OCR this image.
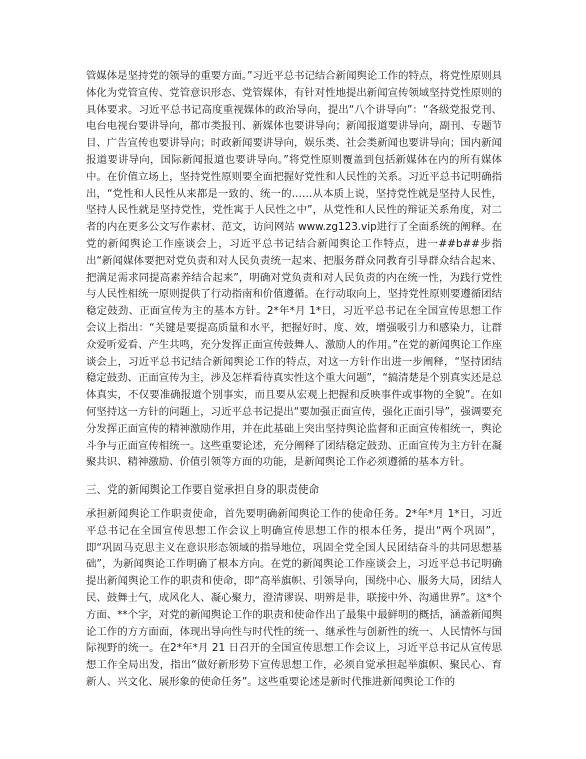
管媒体是坚持党的领导的重要方面。”习近平总书记结合新闻舆论工作的特点，将党性原则具体化为党管宣传、党管意识形态、党管媒体，有针对性地提出新闻宣传领域坚持党性原则的具体要求。习近平总书记高度重视媒体的政治导向，提出“八个讲导向”：“各级党报党刊、电台电视台要讲导向，都市类报刊、新媒体也要讲导向；新闻报道要讲导向，副刊、专题节目、广告宣传也要讲导向；时政新闻要讲导向，娱乐类、社会类新闻也要讲导向；国内新闻报道要讲导向，国际新闻报道也要讲导向。”将党性原则覆盖到包括新媒体在内的所有媒体中。在价值立场上，坚持党性原则要全面把握好党性和人民性的关系。习近平总书记明确指出，“党性和人民性从来都是一致的、统一的……从本质上说，坚持党性就是坚持人民性，坚持人民性就是坚持党性，党性寓于人民性之中”，从党性和人民性的辩证关系角度，对二者的内在更多公文写作素材、范文，访问网站 www.zg123.vip进行了全面系统的阐释。在党的新闻舆论工作座谈会上，习近平总书记结合新闻舆论工作特点，进一##b##步指出“新闻媒体要把对党负责和对人民负责统一起来、把服务群众同教育引导群众结合起来、把满足需求同提高素养结合起来”，明确对党负责和对人民负责的内在统一性，为践行党性与人民性相统一原则提供了行动指南和价值遵循。在行动取向上，坚持党性原则要遵循团结稳定鼓劲、正面宣传为主的基本方针。2*年*月 1*日，习近平总书记在全国宣传思想工作会议上指出：“关键是要提高质量和水平，把握好时、度、效，增强吸引力和感染力，让群众爱听爱看、产生共鸣，充分发挥正面宣传鼓舞人、激励人的作用。”在党的新闻舆论工作座谈会上，习近平总书记结合新闻舆论工作的特点，对这一方针作出进一步阐释，“坚持团结稳定鼓劲、正面宣传为主，涉及怎样看待真实性这个重大问题”，“搞清楚是个别真实还是总体真实，不仅要准确报道个别事实，而且要从宏观上把握和反映事件或事物的全貌”。在如何坚持这一方针的问题上，习近平总书记提出“要加强正面宣传，强化正面引导”，强调要充分发挥正面宣传的精神激励作用，并在此基础上突出坚持舆论监督和正面宣传相统一，舆论斗争与正面宣传相统一。这些重要论述，充分阐释了团结稳定鼓劲、正面宣传为主方针在凝聚共识、精神激励、价值引领等方面的功能，是新闻舆论工作必须遵循的基本方针。

三、党的新闻舆论工作要自觉承担自身的职责使命

承担新闻舆论工作职责使命，首先要明确新闻舆论工作的使命任务。2*年*月 1*日，习近平总书记在全国宣传思想工作会议上明确宣传思想工作的根本任务，提出“两个巩固”，即“巩固马克思主义在意识形态领域的指导地位，巩固全党全国人民团结奋斗的共同思想基础”，为新闻舆论工作明确了根本方向。在党的新闻舆论工作座谈会上，习近平总书记明确提出新闻舆论工作的职责和使命，即“高举旗帜、引领导向，围绕中心、服务大局，团结人民、鼓舞士气，成风化人、凝心聚力，澄清谬误、明辨是非，联接中外、沟通世界”。这*个方面、**个字，对党的新闻舆论工作的职责和使命作出了最集中最鲜明的概括，涵盖新闻舆论工作的方方面面，体现出导向性与时代性的统一、继承性与创新性的统一、人民情怀与国际视野的统一。在2*年*月 21 日召开的全国宣传思想工作会议上，习近平总书记从宣传思想工作全局出发，指出“做好新形势下宣传思想工作，必须自觉承担起举旗帜、聚民心、育新人、兴文化、展形象的使命任务”。这些重要论述是新时代推进新闻舆论工作的
